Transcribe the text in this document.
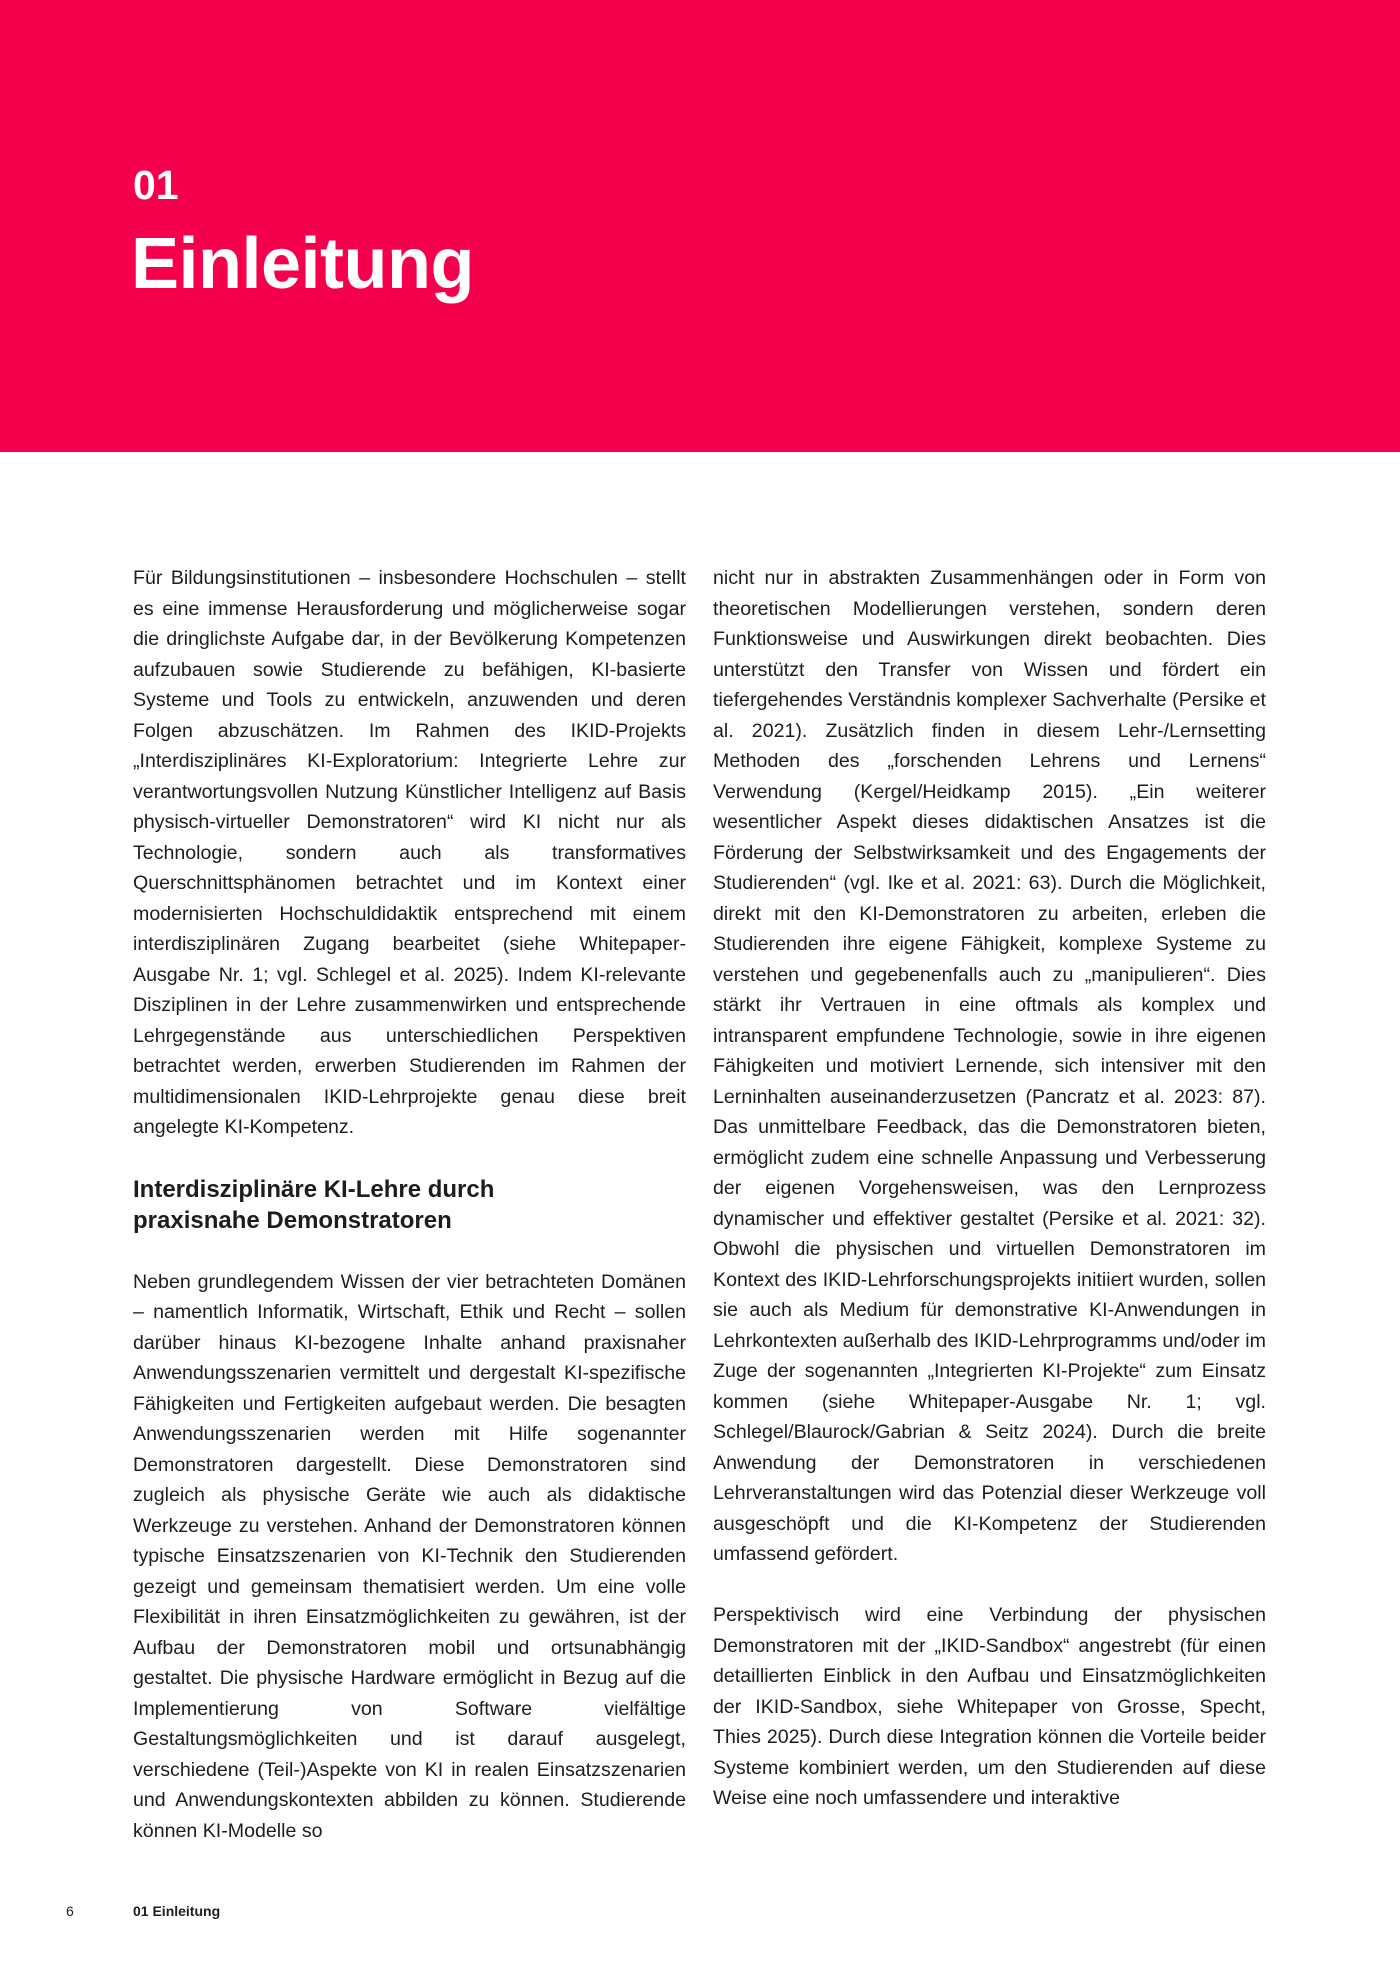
01
Einleitung

Für Bildungsinstitutionen – insbesondere Hochschulen – stellt es eine immense Herausforderung und möglicherweise sogar die dringlichste Aufgabe dar, in der Bevölkerung Kompetenzen aufzubauen sowie Studierende zu befähigen, KI-basierte Systeme und Tools zu entwickeln, anzuwenden und deren Folgen abzuschätzen. Im Rahmen des IKID-Projekts „Interdisziplinäres KI-Exploratorium: Integrierte Lehre zur verantwortungsvollen Nutzung Künstlicher Intelligenz auf Basis physisch-virtueller Demonstratoren“ wird KI nicht nur als Technologie, sondern auch als transformatives Querschnittsphänomen betrachtet und im Kontext einer modernisierten Hochschuldidaktik entsprechend mit einem interdisziplinären Zugang bearbeitet (siehe Whitepaper-Ausgabe Nr. 1; vgl. Schlegel et al. 2025). Indem KI-relevante Disziplinen in der Lehre zusammenwirken und entsprechende Lehrgegenstände aus unterschiedlichen Perspektiven betrachtet werden, erwerben Studierenden im Rahmen der multidimensionalen IKID-Lehrprojekte genau diese breit angelegte KI-Kompetenz.

Interdisziplinäre KI-Lehre durch
praxisnahe Demonstratoren

Neben grundlegendem Wissen der vier betrachteten Domänen – namentlich Informatik, Wirtschaft, Ethik und Recht – sollen darüber hinaus KI-bezogene Inhalte anhand praxisnaher Anwendungsszenarien vermittelt und dergestalt KI-spezifische Fähigkeiten und Fertigkeiten aufgebaut werden. Die besagten Anwendungsszenarien werden mit Hilfe sogenannter Demonstratoren dargestellt. Diese Demonstratoren sind zugleich als physische Geräte wie auch als didaktische Werkzeuge zu verstehen. Anhand der Demonstratoren können typische Einsatzszenarien von KI-Technik den Studierenden gezeigt und gemeinsam thematisiert werden. Um eine volle Flexibilität in ihren Einsatzmöglichkeiten zu gewähren, ist der Aufbau der Demonstratoren mobil und ortsunabhängig gestaltet. Die physische Hardware ermöglicht in Bezug auf die Implementierung von Software vielfältige Gestaltungsmöglichkeiten und ist darauf ausgelegt, verschiedene (Teil-)Aspekte von KI in realen Einsatzszenarien und Anwendungskontexten abbilden zu können. Studierende können KI-Modelle so

nicht nur in abstrakten Zusammenhängen oder in Form von theoretischen Modellierungen verstehen, sondern deren Funktionsweise und Auswirkungen direkt beobachten. Dies unterstützt den Transfer von Wissen und fördert ein tiefergehendes Verständnis komplexer Sachverhalte (Persike et al. 2021). Zusätzlich finden in diesem Lehr-/Lernsetting Methoden des „forschenden Lehrens und Lernens“ Verwendung (Kergel/Heidkamp 2015). „Ein weiterer wesentlicher Aspekt dieses didaktischen Ansatzes ist die Förderung der Selbstwirksamkeit und des Engagements der Studierenden“ (vgl. Ike et al. 2021: 63). Durch die Möglichkeit, direkt mit den KI-Demonstratoren zu arbeiten, erleben die Studierenden ihre eigene Fähigkeit, komplexe Systeme zu verstehen und gegebenenfalls auch zu „manipulieren“. Dies stärkt ihr Vertrauen in eine oftmals als komplex und intransparent empfundene Technologie, sowie in ihre eigenen Fähigkeiten und motiviert Lernende, sich intensiver mit den Lerninhalten auseinanderzusetzen (Pancratz et al. 2023: 87). Das unmittelbare Feedback, das die Demonstratoren bieten, ermöglicht zudem eine schnelle Anpassung und Verbesserung der eigenen Vorgehensweisen, was den Lernprozess dynamischer und effektiver gestaltet (Persike et al. 2021: 32). Obwohl die physischen und virtuellen Demonstratoren im Kontext des IKID-Lehrforschungsprojekts initiiert wurden, sollen sie auch als Medium für demonstrative KI-Anwendungen in Lehrkontexten außerhalb des IKID-Lehrprogramms und/oder im Zuge der sogenannten „Integrierten KI-Projekte“ zum Einsatz kommen (siehe Whitepaper-Ausgabe Nr. 1; vgl. Schlegel/Blaurock/Gabrian & Seitz 2024). Durch die breite Anwendung der Demonstratoren in verschiedenen Lehrveranstaltungen wird das Potenzial dieser Werkzeuge voll ausgeschöpft und die KI-Kompetenz der Studierenden umfassend gefördert.

Perspektivisch wird eine Verbindung der physischen Demonstratoren mit der „IKID-Sandbox“ angestrebt (für einen detaillierten Einblick in den Aufbau und Einsatzmöglichkeiten der IKID-Sandbox, siehe Whitepaper von Grosse, Specht, Thies 2025). Durch diese Integration können die Vorteile beider Systeme kombiniert werden, um den Studierenden auf diese Weise eine noch umfassendere und interaktive

6	01 Einleitung
